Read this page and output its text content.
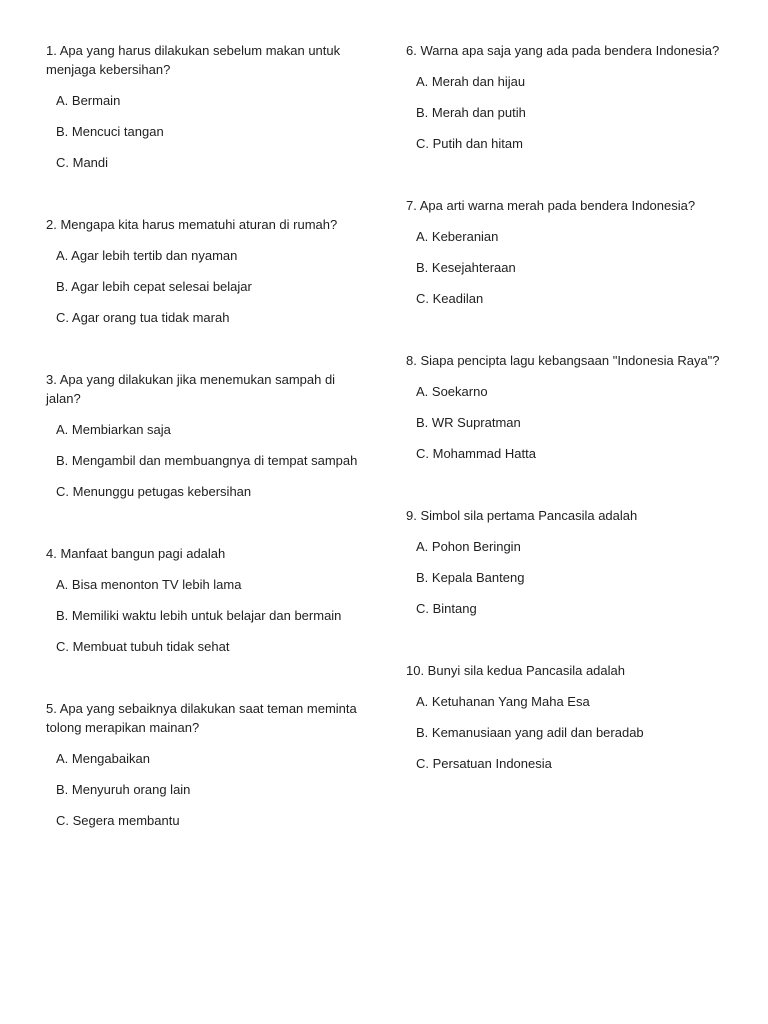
1. Apa yang harus dilakukan sebelum makan untuk menjaga kebersihan?

A. Bermain

B. Mencuci tangan

C. Mandi

2. Mengapa kita harus mematuhi aturan di rumah?

A. Agar lebih tertib dan nyaman

B. Agar lebih cepat selesai belajar

C. Agar orang tua tidak marah

3. Apa yang dilakukan jika menemukan sampah di jalan?

A. Membiarkan saja

B. Mengambil dan membuangnya di tempat sampah

C. Menunggu petugas kebersihan

4. Manfaat bangun pagi adalah

A. Bisa menonton TV lebih lama

B. Memiliki waktu lebih untuk belajar dan bermain

C. Membuat tubuh tidak sehat

5. Apa yang sebaiknya dilakukan saat teman meminta tolong merapikan mainan?

A. Mengabaikan

B. Menyuruh orang lain

C. Segera membantu

6. Warna apa saja yang ada pada bendera Indonesia?

A. Merah dan hijau

B. Merah dan putih

C. Putih dan hitam

7. Apa arti warna merah pada bendera Indonesia?

A. Keberanian

B. Kesejahteraan

C. Keadilan

8. Siapa pencipta lagu kebangsaan "Indonesia Raya"?

A. Soekarno

B. WR Supratman

C. Mohammad Hatta

9. Simbol sila pertama Pancasila adalah

A. Pohon Beringin

B. Kepala Banteng

C. Bintang

10. Bunyi sila kedua Pancasila adalah

A. Ketuhanan Yang Maha Esa

B. Kemanusiaan yang adil dan beradab

C. Persatuan Indonesia
